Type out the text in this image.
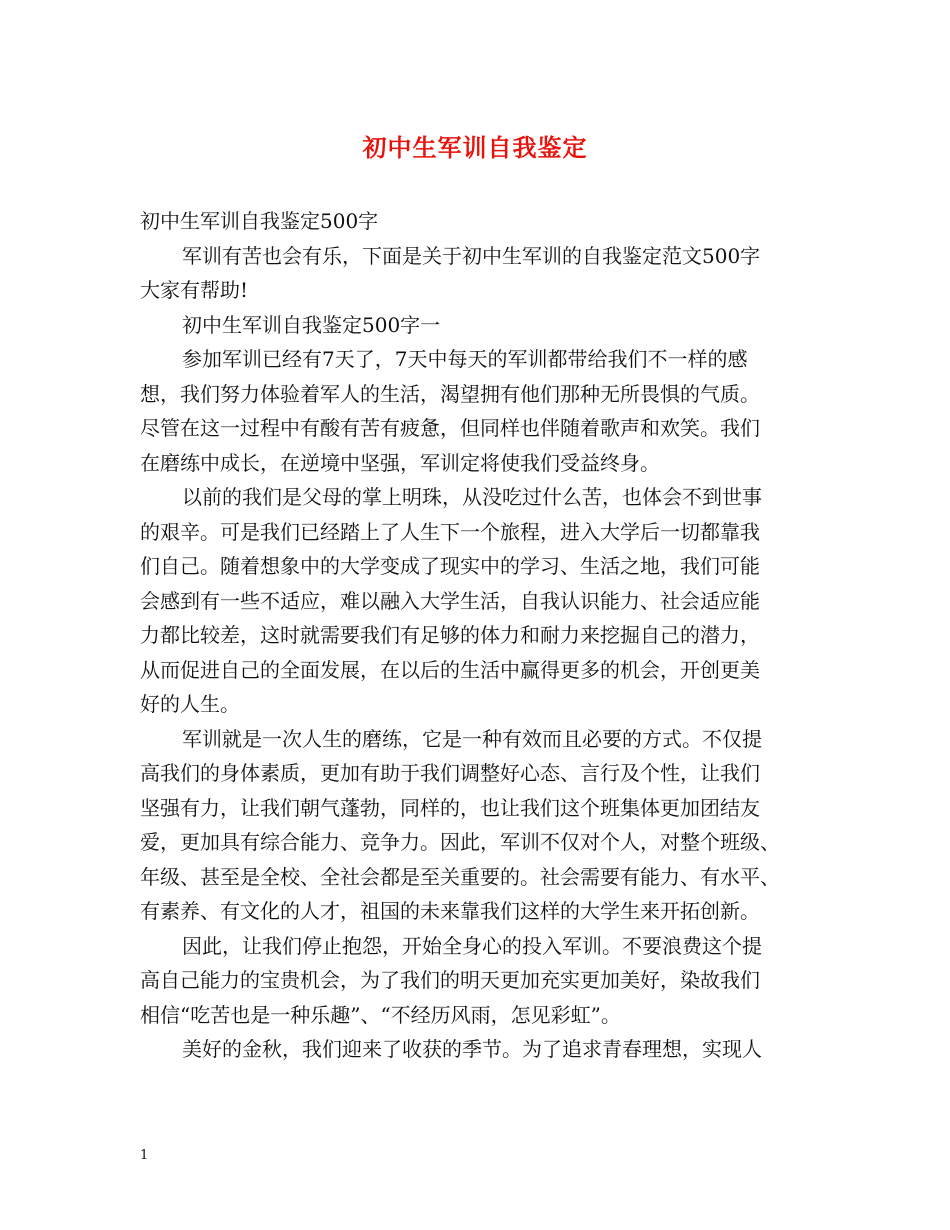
初中生军训自我鉴定
初中生军训自我鉴定500字
军训有苦也会有乐，下面是关于初中生军训的自我鉴定范文500字
大家有帮助!
初中生军训自我鉴定500字一
参加军训已经有7天了，7天中每天的军训都带给我们不一样的感
想，我们努力体验着军人的生活，渴望拥有他们那种无所畏惧的气质。
尽管在这一过程中有酸有苦有疲惫，但同样也伴随着歌声和欢笑。我们
在磨练中成长，在逆境中坚强，军训定将使我们受益终身。
以前的我们是父母的掌上明珠，从没吃过什么苦，也体会不到世事
的艰辛。可是我们已经踏上了人生下一个旅程，进入大学后一切都靠我
们自己。随着想象中的大学变成了现实中的学习、生活之地，我们可能
会感到有一些不适应，难以融入大学生活，自我认识能力、社会适应能
力都比较差，这时就需要我们有足够的体力和耐力来挖掘自己的潜力，
从而促进自己的全面发展，在以后的生活中赢得更多的机会，开创更美
好的人生。
军训就是一次人生的磨练，它是一种有效而且必要的方式。不仅提
高我们的身体素质，更加有助于我们调整好心态、言行及个性，让我们
坚强有力，让我们朝气蓬勃，同样的，也让我们这个班集体更加团结友
爱，更加具有综合能力、竞争力。因此，军训不仅对个人，对整个班级、
年级、甚至是全校、全社会都是至关重要的。社会需要有能力、有水平、
有素养、有文化的人才，祖国的未来靠我们这样的大学生来开拓创新。
因此，让我们停止抱怨，开始全身心的投入军训。不要浪费这个提
高自己能力的宝贵机会，为了我们的明天更加充实更加美好，染故我们
相信“吃苦也是一种乐趣”、“不经历风雨，怎见彩虹”。
美好的金秋，我们迎来了收获的季节。为了追求青春理想，实现人
1
